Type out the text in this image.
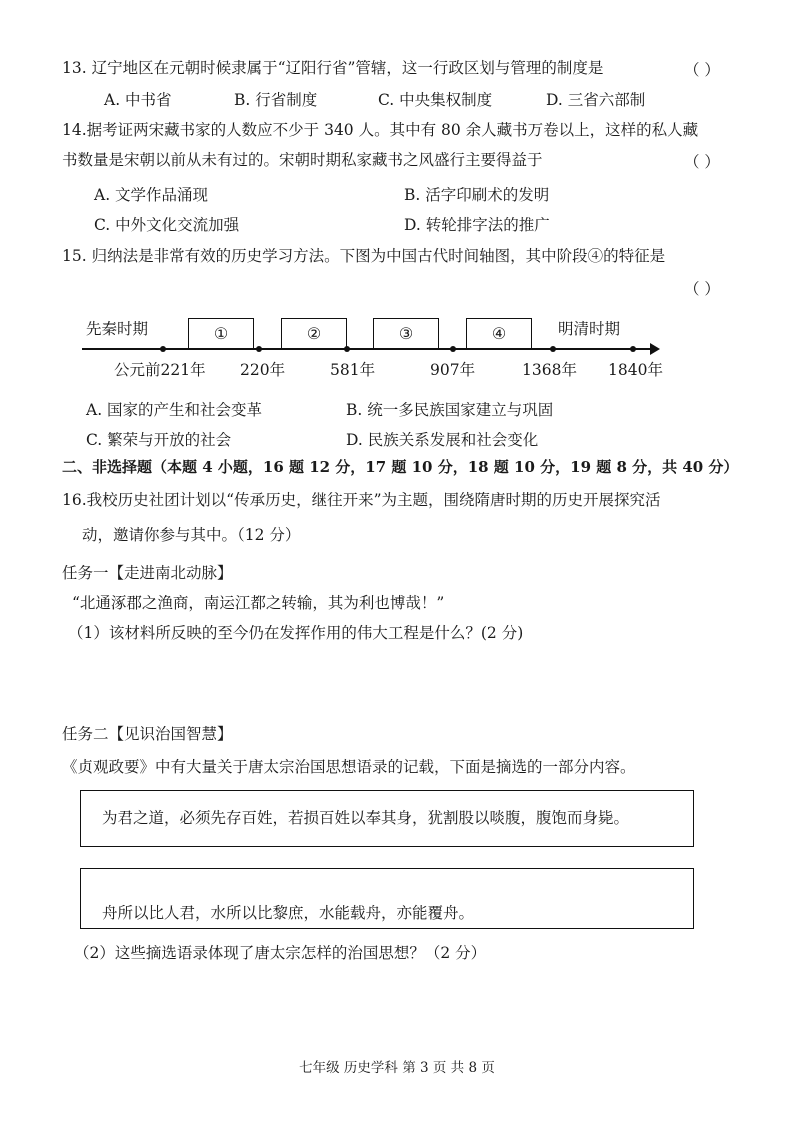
13. 辽宁地区在元朝时候隶属于“辽阳行省”管辖，这一行政区划与管理的制度是	（ ）
A. 中书省	B. 行省制度	C. 中央集权制度	D. 三省六部制
14.据考证两宋藏书家的人数应不少于 340 人。其中有 80 余人藏书万卷以上，这样的私人藏
书数量是宋朝以前从未有过的。宋朝时期私家藏书之风盛行主要得益于	（ ）
A. 文学作品涌现	B. 活字印刷术的发明
C. 中外文化交流加强	D. 转轮排字法的推广
15. 归纳法是非常有效的历史学习方法。下图为中国古代时间轴图，其中阶段④的特征是
（ ）
先秦时期	明清时期
①	②	③	④
公元前221年 220年	581年	907年	1368年 1840年
A. 国家的产生和社会变革	B. 统一多民族国家建立与巩固
C. 繁荣与开放的社会	D. 民族关系发展和社会变化
二、非选择题（本题 4 小题，16 题 12 分，17 题 10 分，18 题 10 分，19 题 8 分，共 40 分）
16.我校历史社团计划以“传承历史，继往开来”为主题，围绕隋唐时期的历史开展探究活
动，邀请你参与其中。（12 分）
任务一【走进南北动脉】
“北通涿郡之渔商，南运江都之转输，其为利也博哉！”
（1）该材料所反映的至今仍在发挥作用的伟大工程是什么？(2 分)
任务二【见识治国智慧】
《贞观政要》中有大量关于唐太宗治国思想语录的记载，下面是摘选的一部分内容。
为君之道，必须先存百姓，若损百姓以奉其身，犹割股以啖腹，腹饱而身毙。
舟所以比人君，水所以比黎庶，水能载舟，亦能覆舟。
（2）这些摘选语录体现了唐太宗怎样的治国思想？（2 分）
七年级 历史学科 第 3 页 共 8 页
